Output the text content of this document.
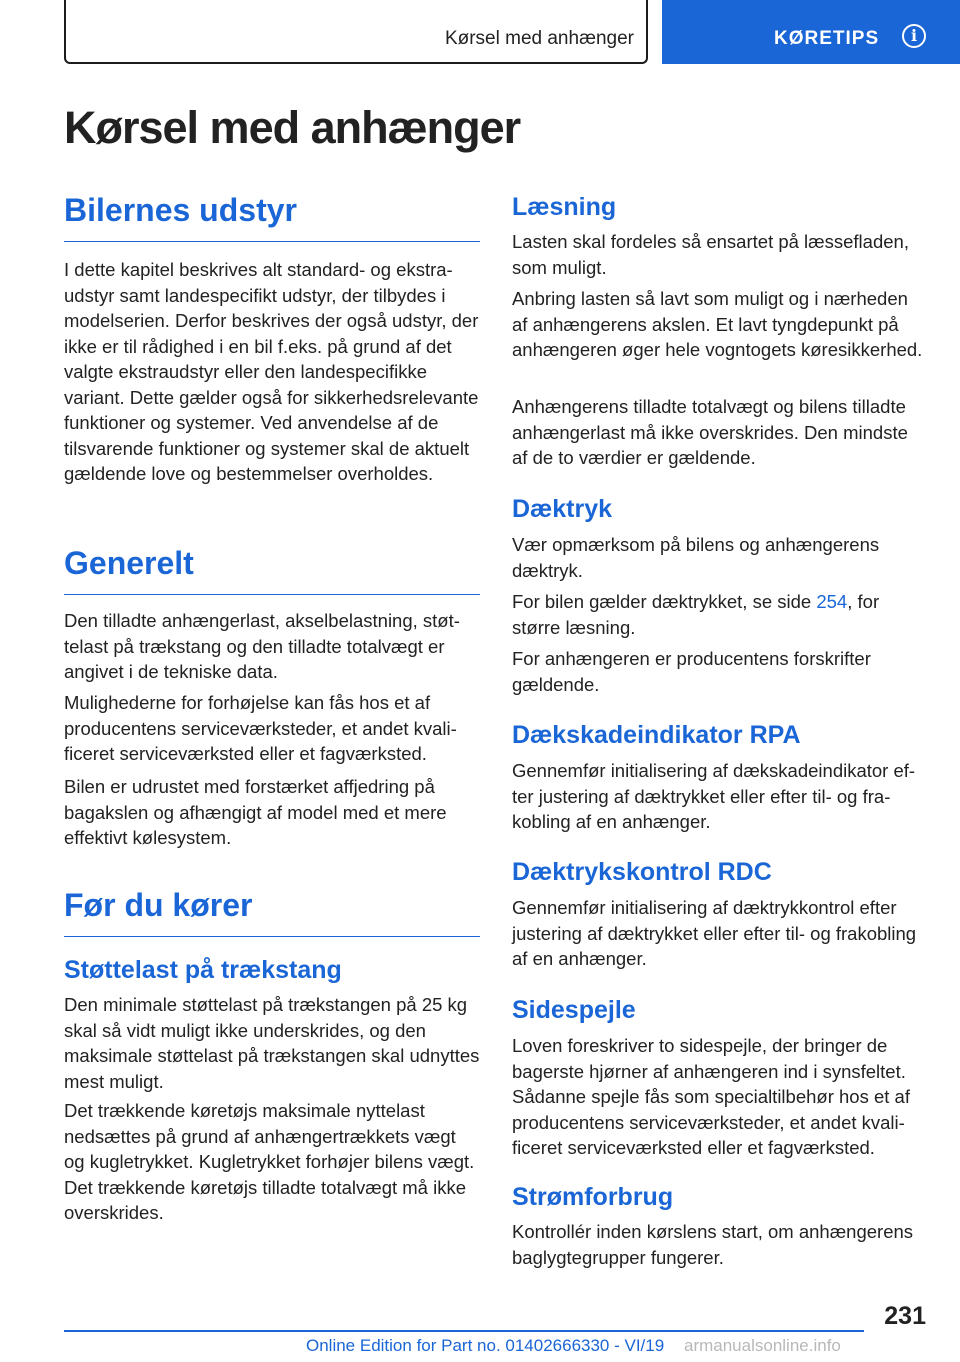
Kørsel med anhænger	KØRETIPS	i
Kørsel med anhænger
Bilernes udstyr

I dette kapitel beskrives alt standard- og ekstraudstyr samt landespecifikt udstyr, der tilbydes i modelserien. Derfor beskrives der også udstyr, der ikke er til rådighed i en bil f.eks. på grund af det valgte ekstraudstyr eller den landespecifikke variant. Dette gælder også for sikkerhedsrelevante funktioner og systemer. Ved anvendelse af de tilsvarende funktioner og systemer skal de aktuelt gældende love og bestemmelser overholdes.

Generelt

Den tilladte anhængerlast, akselbelastning, støttelast på trækstang og den tilladte totalvægt er angivet i de tekniske data.

Mulighederne for forhøjelse kan fås hos et af producentens serviceværksteder, et andet kvalificeret serviceværksted eller et fagværksted.

Bilen er udrustet med forstærket affjedring på bagakslen og afhængigt af model med et mere effektivt kølesystem.

Før du kører
Støttelast på trækstang

Den minimale støttelast på trækstangen på 25 kg skal så vidt muligt ikke underskrides, og den maksimale støttelast på trækstangen skal udnyttes mest muligt.

Det trækkende køretøjs maksimale nyttelast nedsættes på grund af anhængertrækkets vægt og kugletrykket. Kugletrykket forhøjer bilens vægt. Det trækkende køretøjs tilladte totalvægt må ikke overskrides.

Læsning

Lasten skal fordeles så ensartet på læssefladen, som muligt.

Anbring lasten så lavt som muligt og i nærheden af anhængerens akslen. Et lavt tyngdepunkt på anhængeren øger hele vogntogets køresikkerhed.

Anhængerens tilladte totalvægt og bilens tilladte anhængerlast må ikke overskrides. Den mindste af de to værdier er gældende.

Dæktryk

Vær opmærksom på bilens og anhængerens dæktryk.

For bilen gælder dæktrykket, se side 254, for større læsning.

For anhængeren er producentens forskrifter gældende.

Dækskadeindikator RPA

Gennemfør initialisering af dækskadeindikator efter justering af dæktrykket eller efter til- og frakobling af en anhænger.

Dæktrykskontrol RDC

Gennemfør initialisering af dæktrykkontrol efter justering af dæktrykket eller efter til- og frakobling af en anhænger.

Sidespejle

Loven foreskriver to sidespejle, der bringer de bagerste hjørner af anhængeren ind i synsfeltet. Sådanne spejle fås som specialtilbehør hos et af producentens serviceværksteder, et andet kvalificeret serviceværksted eller et fagværksted.

Strømforbrug

Kontrollér inden kørslens start, om anhængerens baglygtegrupper fungerer.

231
Online Edition for Part no. 01402666330 - VI/19 armanualsonline.info
